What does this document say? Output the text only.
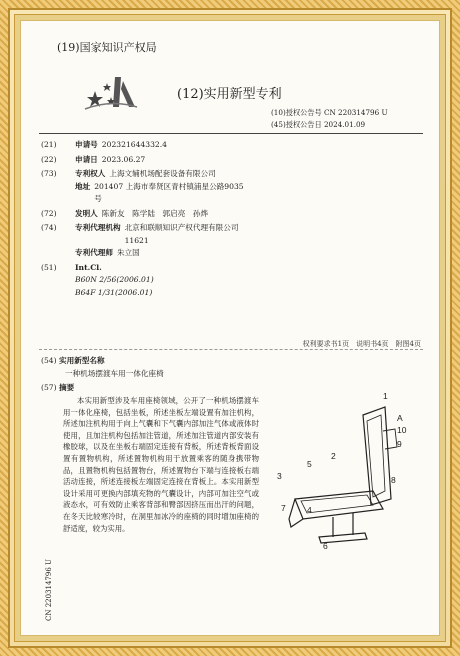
(19)国家知识产权局
(12)实用新型专利
(10)授权公告号 CN 220314796 U
(45)授权公告日 2024.01.09
(21)	申请号 202321644332.4
(22)	申请日 2023.06.27
(73)	专利权人 上海文辅机场配套设备有限公司
地址 201407 上海市奉贤区青村镇浦星公路9035号
(72)	发明人 陈新友　陈学陆　郭启亮　孙烨
(74)	专利代理机构 北京和联顺知识产权代理有限公司 11621
专利代理师 朱立国
(51)	Int.Cl.
B60N 2/56(2006.01)
B64F 1/31(2006.01)
权利要求书1页　说明书4页　附图4页
(54) 实用新型名称
一种机场摆渡车用一体化座椅
(57) 摘要
本实用新型涉及车用座椅领域，公开了一种机场摆渡车用一体化座椅，包括坐板，所述坐板左端设置有加注机构，所述加注机构用于向上气囊和下气囊内部加注气体或液体时使用，且加注机构包括加注管道，所述加注管道内部安装有橡胶球，以及在坐板右端固定连接有背板，所述背板背面设置有置物机构，所述置物机构用于放置乘客的随身携带物品，且置物机构包括置物台，所述置物台下端与连接板右端活动连接，所述连接板左端固定连接在背板上。本实用新型设计采用可更换内部填充物的气囊设计，内部可加注空气或液态水，可有效防止乘客背部和臀部因挤压而出汗的问题，在冬天比较寒冷时，在洞里加冰冷的座椅的同时增加座椅的舒适度，较为实用。
1
2
3
4
5
6
7
8
9
10
A
CN 220314796 U
